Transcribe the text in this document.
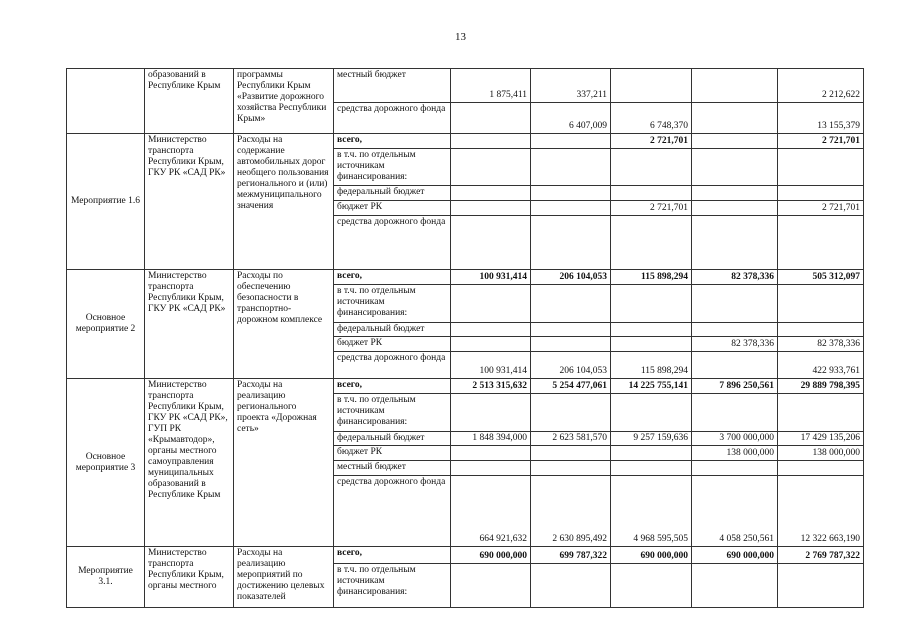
13
	образований в Республике Крым	программы Республики Крым «Развитие дорожного хозяйства Республики Крым»	местный бюджет	1 875,411	337,211			2 212,622
			средства дорожного фонда		6 407,009	6 748,370		13 155,379
Мероприятие 1.6	Министерство транспорта Республики Крым, ГКУ РК «САД РК»	Расходы на содержание автомобильных дорог необщего пользования регионального и (или) межмуниципального значения	всего,			2 721,701		2 721,701
			в т.ч. по отдельным источникам финансирования:					
			федеральный бюджет					
			бюджет РК			2 721,701		2 721,701
			средства дорожного фонда					
Основное мероприятие 2	Министерство транспорта Республики Крым, ГКУ РК «САД РК»	Расходы по обеспечению безопасности в транспортно-дорожном комплексе	всего,	100 931,414	206 104,053	115 898,294	82 378,336	505 312,097
			в т.ч. по отдельным источникам финансирования:					
			федеральный бюджет					
			бюджет РК				82 378,336	82 378,336
			средства дорожного фонда	100 931,414	206 104,053	115 898,294		422 933,761
Основное мероприятие 3	Министерство транспорта Республики Крым, ГКУ РК «САД РК», ГУП РК «Крымавтодор», органы местного самоуправления муниципальных образований в Республике Крым	Расходы на реализацию регионального проекта «Дорожная сеть»	всего,	2 513 315,632	5 254 477,061	14 225 755,141	7 896 250,561	29 889 798,395
			в т.ч. по отдельным источникам финансирования:					
			федеральный бюджет	1 848 394,000	2 623 581,570	9 257 159,636	3 700 000,000	17 429 135,206
			бюджет РК				138 000,000	138 000,000
			местный бюджет					
			средства дорожного фонда	664 921,632	2 630 895,492	4 968 595,505	4 058 250,561	12 322 663,190
Мероприятие 3.1.	Министерство транспорта Республики Крым, органы местного	Расходы на реализацию мероприятий по достижению целевых показателей	всего,	690 000,000	699 787,322	690 000,000	690 000,000	2 769 787,322
			в т.ч. по отдельным источникам финансирования:					
